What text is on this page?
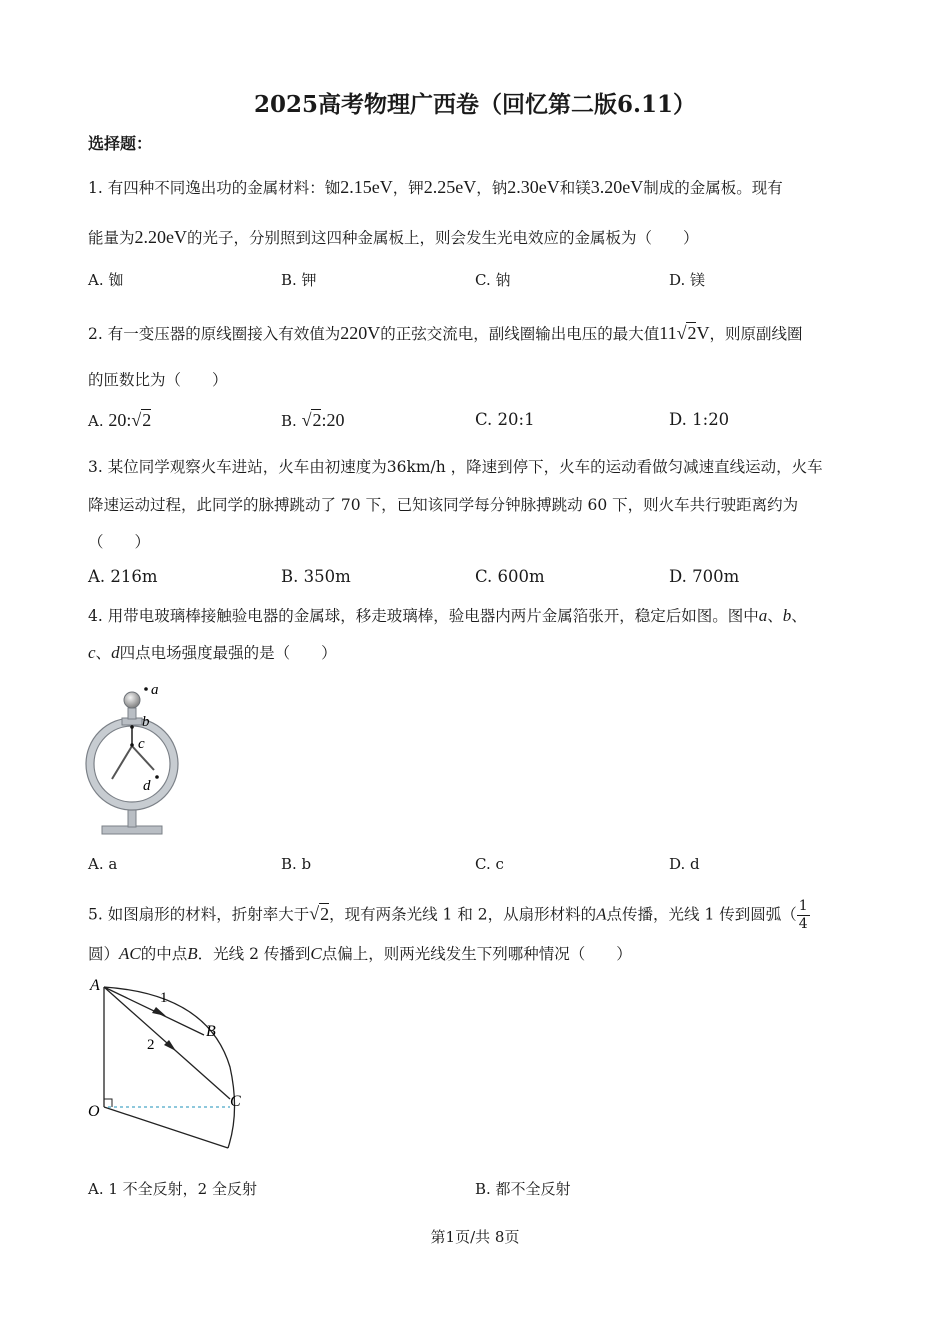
2025高考物理广西卷（回忆第二版6.11）
选择题：
1. 有四种不同逸出功的金属材料：铷2.15eV，钾2.25eV，钠2.30eV和镁3.20eV制成的金属板。现有
能量为2.20eV的光子，分别照到这四种金属板上，则会发生光电效应的金属板为（　　）
A. 铷	B. 钾	C. 钠	D. 镁
2. 有一变压器的原线圈接入有效值为220V的正弦交流电，副线圈输出电压的最大值11√2V，则原副线圈
的匝数比为（　　）
A. 20:√2	B. √2:20	C. 20:1	D. 1:20
3. 某位同学观察火车进站，火车由初速度为36km/h ，降速到停下，火车的运动看做匀减速直线运动，火车
降速运动过程，此同学的脉搏跳动了 70 下，已知该同学每分钟脉搏跳动 60 下，则火车共行驶距离约为
（　　）
A. 216m	B. 350m	C. 600m	D. 700m
4. 用带电玻璃棒接触验电器的金属球，移走玻璃棒，验电器内两片金属箔张开，稳定后如图。图中a、b、
c、d四点电场强度最强的是（　　）
a
b
c
d
A. a	B. b	C. c	D. d
5. 如图扇形的材料，折射率大于√2，现有两条光线 1 和 2，从扇形材料的A点传播，光线 1 传到圆弧（ $\frac{1}{4}$
圆）AC的中点B．光线 2 传播到C点偏上，则两光线发生下列哪种情况（　　）
A
B
C
O
1
2
A. 1 不全反射，2 全反射	B. 都不全反射
第1页/共 8页
